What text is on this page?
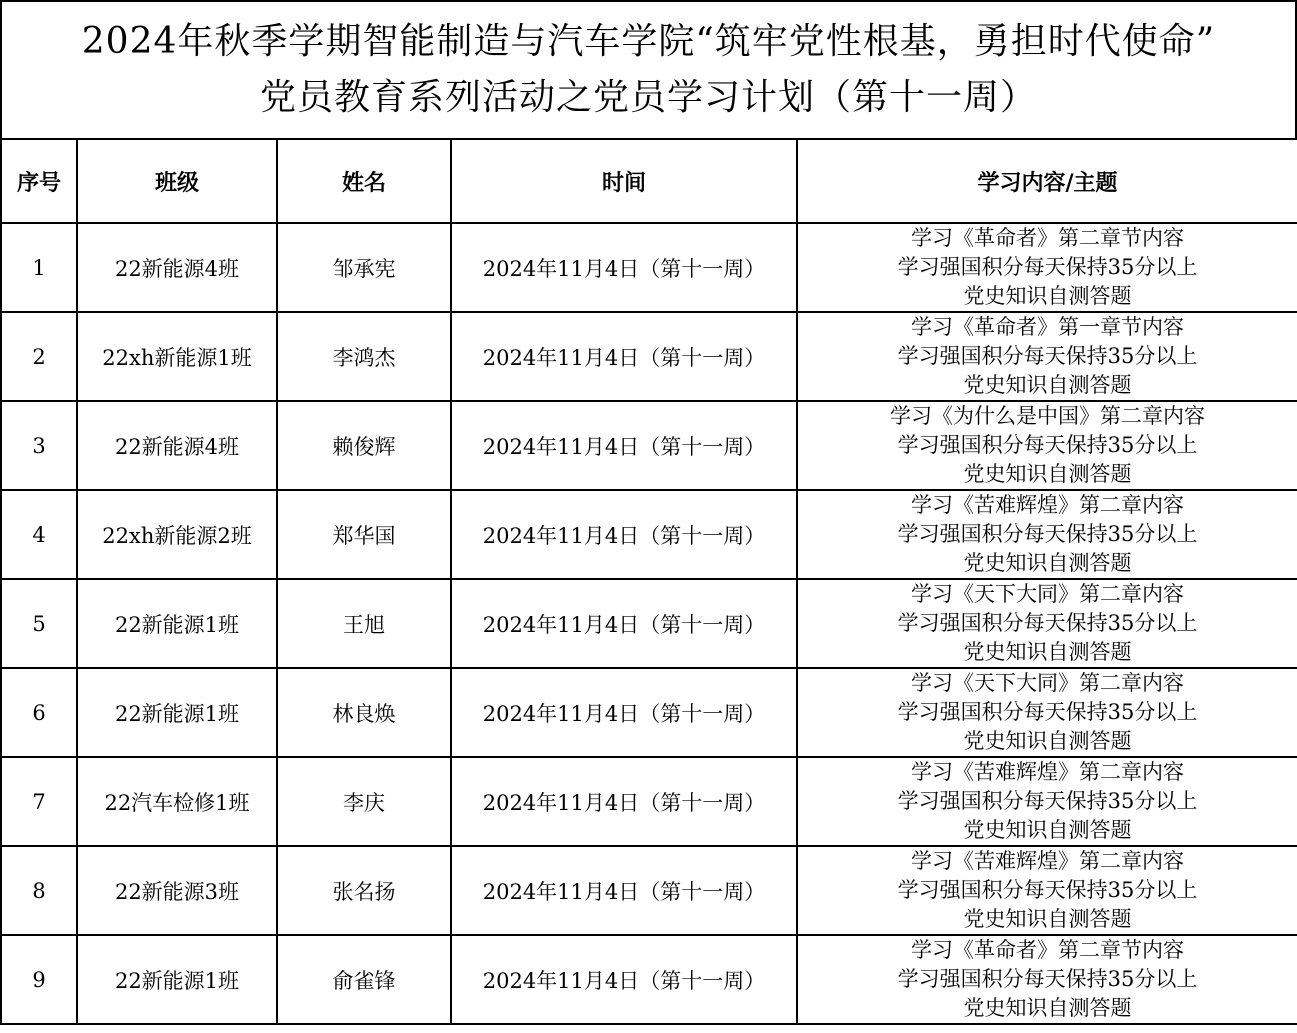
2024年秋季学期智能制造与汽车学院“筑牢党性根基，勇担时代使命”
党员教育系列活动之党员学习计划（第十一周）
序号	班级	姓名	时间	学习内容/主题
1	22新能源4班	邹承宪	2024年11月4日（第十一周）	学习《革命者》第二章节内容
学习强国积分每天保持35分以上
党史知识自测答题

2	22xh新能源1班	李鸿杰	2024年11月4日（第十一周）	学习《革命者》第一章节内容
学习强国积分每天保持35分以上
党史知识自测答题

3	22新能源4班	赖俊辉	2024年11月4日（第十一周）	学习《为什么是中国》第二章内容
学习强国积分每天保持35分以上
党史知识自测答题

4	22xh新能源2班	郑华国	2024年11月4日（第十一周）	学习《苦难辉煌》第二章内容
学习强国积分每天保持35分以上
党史知识自测答题

5	22新能源1班	王旭	2024年11月4日（第十一周）	学习《天下大同》第二章内容
学习强国积分每天保持35分以上
党史知识自测答题

6	22新能源1班	林良焕	2024年11月4日（第十一周）	学习《天下大同》第二章内容
学习强国积分每天保持35分以上
党史知识自测答题

7	22汽车检修1班	李庆	2024年11月4日（第十一周）	学习《苦难辉煌》第二章内容
学习强国积分每天保持35分以上
党史知识自测答题

8	22新能源3班	张名扬	2024年11月4日（第十一周）	学习《苦难辉煌》第二章内容
学习强国积分每天保持35分以上
党史知识自测答题

9	22新能源1班	俞雀锋	2024年11月4日（第十一周）	学习《革命者》第二章节内容
学习强国积分每天保持35分以上
党史知识自测答题
